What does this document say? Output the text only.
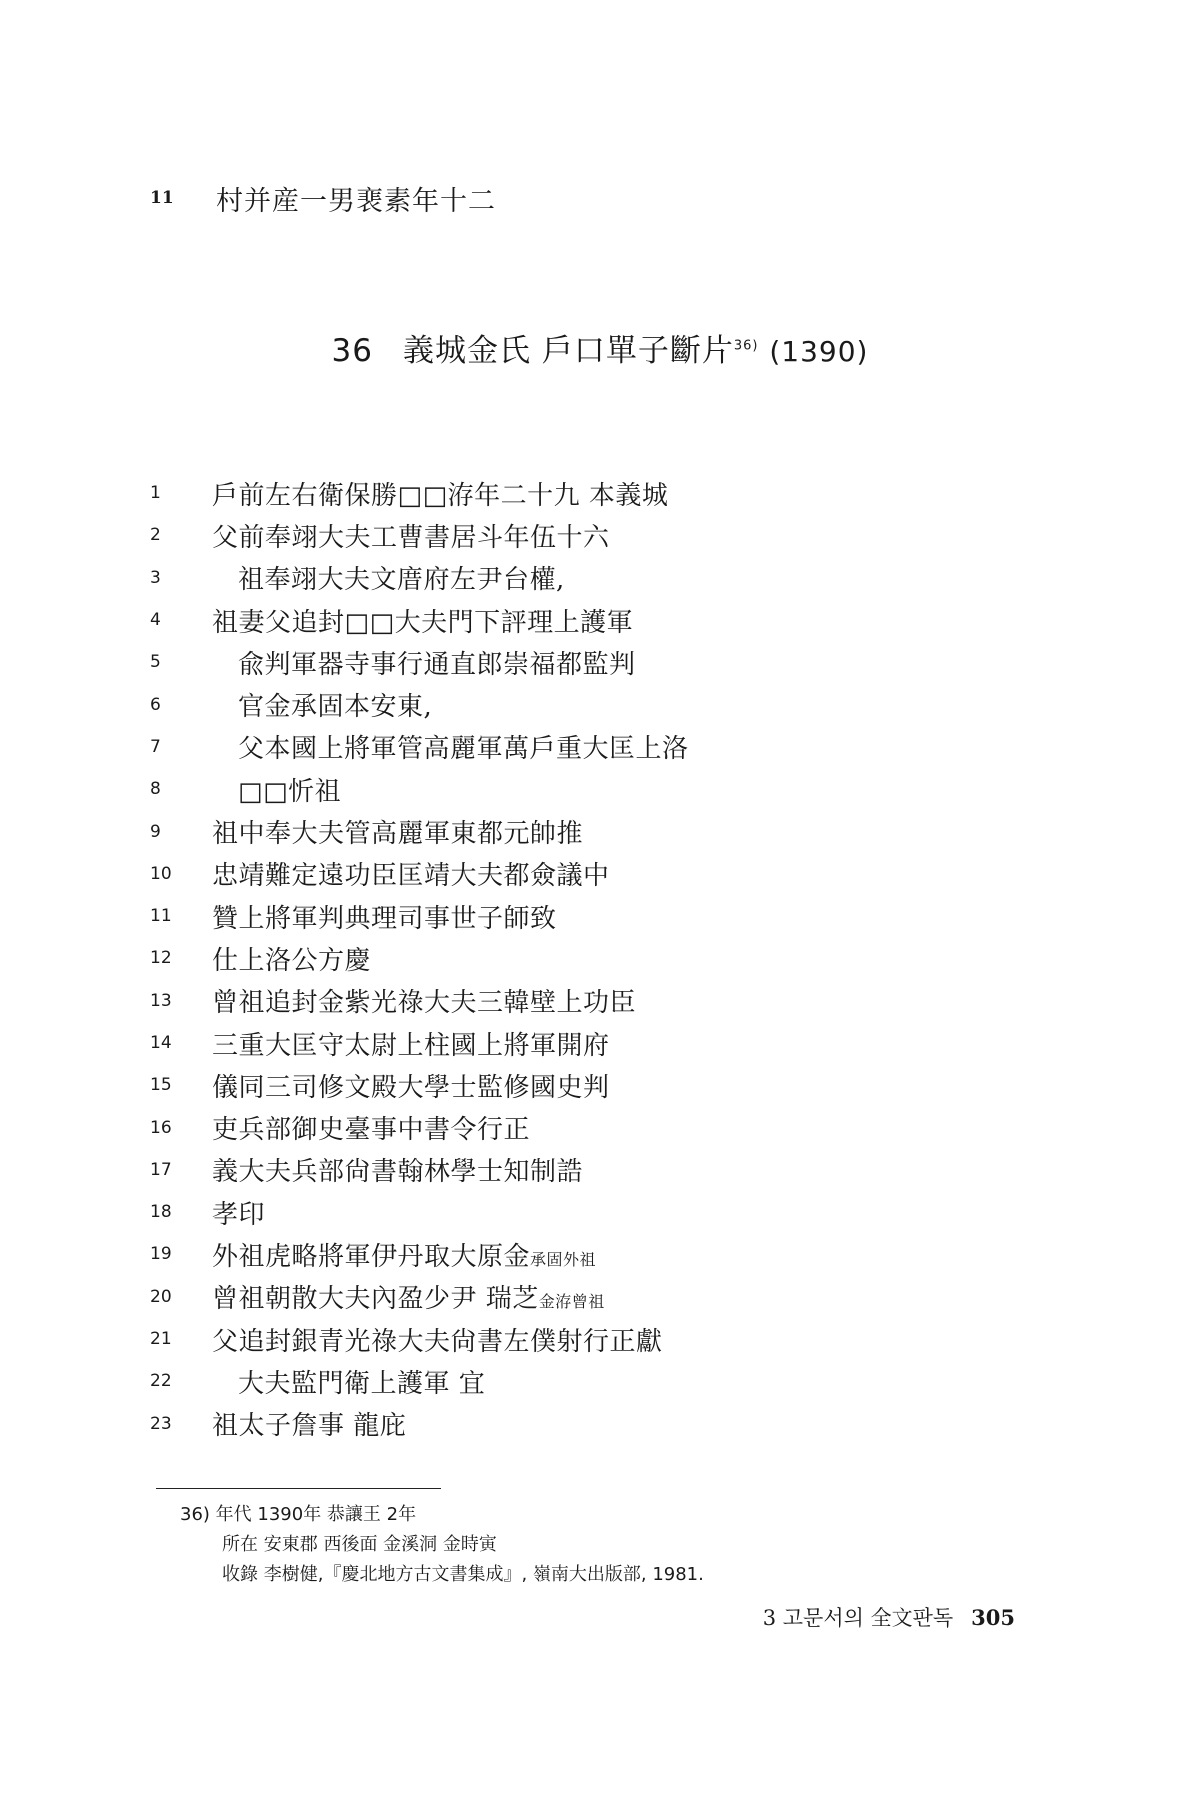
11	村并産一男裵素年十二
36 義城金氏 戶口單子斷片$^{36)}$ (1390)
1	戶前左右衛保勝□□洊年二十九 本義城
2	父前奉翊大夫工曹書居斗年伍十六
3	祖奉翊大夫文庴府左尹台權,
4	祖妻父追封□□大夫門下評理上護軍
5	兪判軍器寺事行通直郎崇福都監判
6	官金承固本安東,
7	父本國上將軍管高麗軍萬戶重大匡上洛
8	□□忻祖
9	祖中奉大夫管高麗軍東都元帥推
10	忠靖難定遠功臣匡靖大夫都僉議中
11	贊上將軍判典理司事世子師致
12	仕上洛公方慶
13	曾祖追封金紫光祿大夫三韓壁上功臣
14	三重大匡守太尉上柱國上將軍開府
15	儀同三司修文殿大學士監修國史判
16	吏兵部御史臺事中書令行正
17	義大夫兵部尙書翰林學士知制誥
18	孝印
19	外祖虎略將軍伊丹取大原金承固外祖
20	曾祖朝散大夫內盈少尹 瑞芝金洊曾祖
21	父追封銀青光祿大夫尙書左僕射行正獻
22	大夫監門衛上護軍 宜
23	祖太子詹事 龍庇
36) 年代 1390年 恭讓王 2年
所在 安東郡 西後面 金溪洞 金時寅
收錄 李樹健,『慶北地方古文書集成』, 嶺南大出版部, 1981.
3 고문서의 全文판독 305
